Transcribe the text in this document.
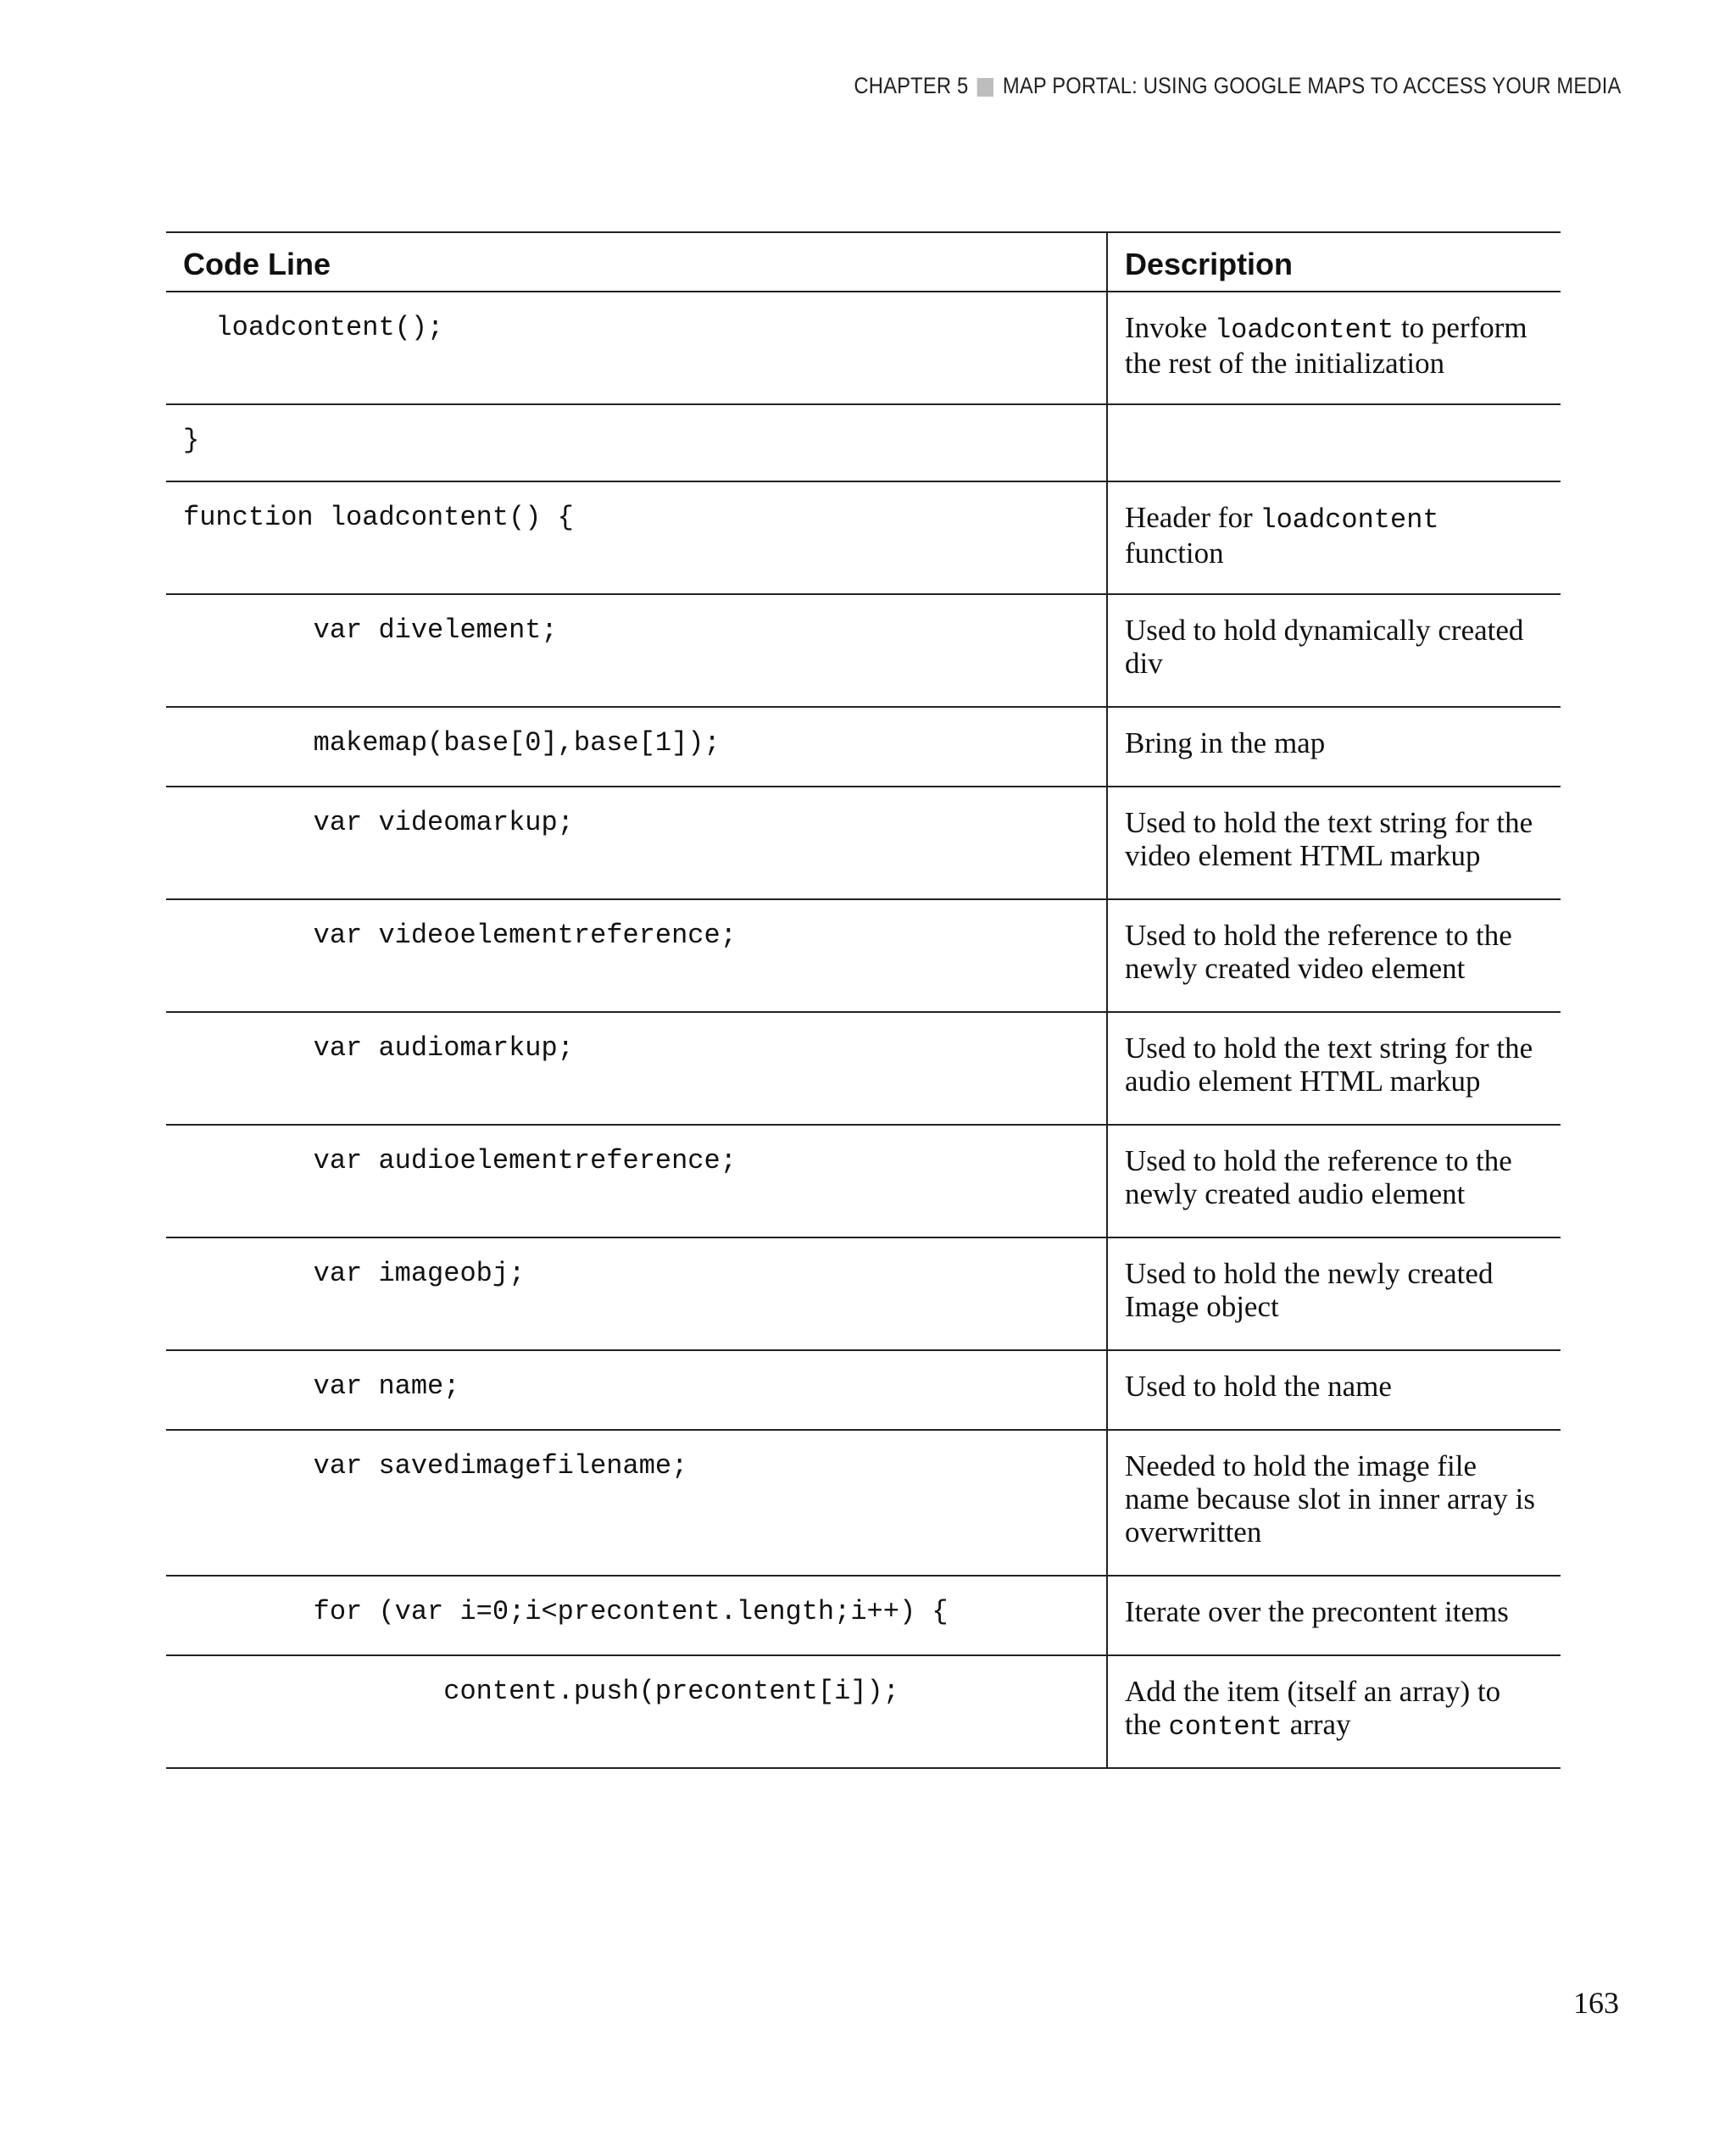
CHAPTER 5 MAP PORTAL: USING GOOGLE MAPS TO ACCESS YOUR MEDIA
Code Line	Description
loadcontent();	Invoke loadcontent to perform the rest of the initialization
}	
function loadcontent() {	Header for loadcontent function
var divelement;	Used to hold dynamically created div
makemap(base[0],base[1]);	Bring in the map
var videomarkup;	Used to hold the text string for the video element HTML markup
var videoelementreference;	Used to hold the reference to the newly created video element
var audiomarkup;	Used to hold the text string for the audio element HTML markup
var audioelementreference;	Used to hold the reference to the newly created audio element
var imageobj;	Used to hold the newly created Image object
var name;	Used to hold the name
var savedimagefilename;	Needed to hold the image file name because slot in inner array is overwritten
for (var i=0;i<precontent.length;i++) {	Iterate over the precontent items
content.push(precontent[i]);	Add the item (itself an array) to the content array
163
